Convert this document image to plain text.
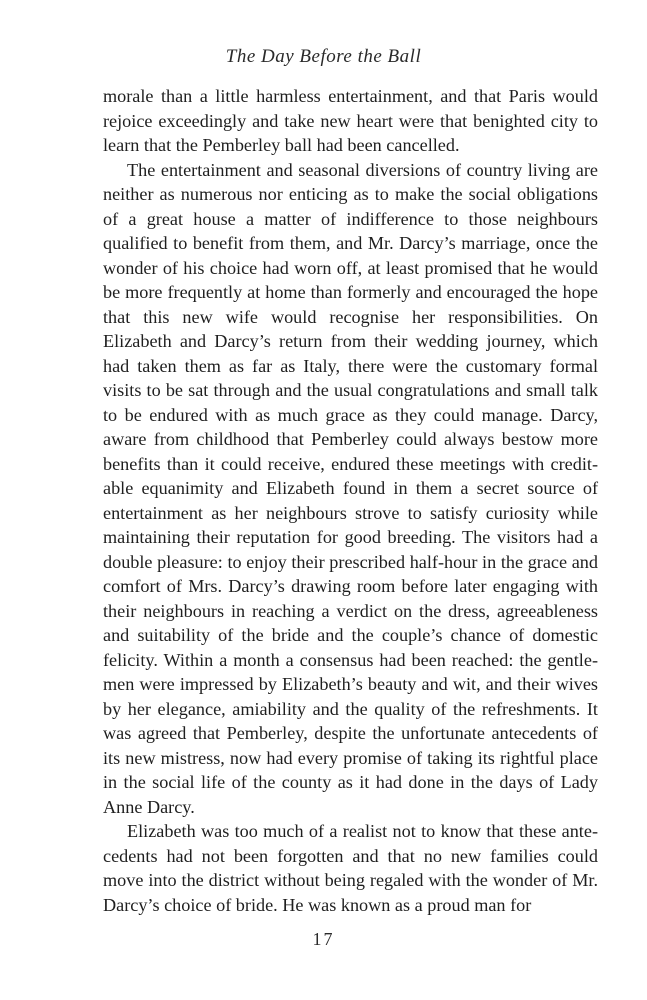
The Day Before the Ball

morale than a little harmless entertainment, and that Paris would rejoice exceedingly and take new heart were that benighted city to learn that the Pemberley ball had been cancelled.

The entertainment and seasonal diversions of country living are neither as numerous nor enticing as to make the social obligations of a great house a matter of indifference to those neighbours qualified to benefit from them, and Mr. Darcy’s marriage, once the wonder of his choice had worn off, at least promised that he would be more frequently at home than formerly and encouraged the hope that this new wife would recognise her responsibilities. On Elizabeth and Darcy’s return from their wedding journey, which had taken them as far as Italy, there were the customary formal visits to be sat through and the usual congratulations and small talk to be endured with as much grace as they could manage. Darcy, aware from childhood that Pemberley could always bestow more benefits than it could receive, endured these meetings with creditable equanimity and Elizabeth found in them a secret source of entertainment as her neighbours strove to satisfy curiosity while maintaining their reputation for good breeding. The visitors had a double pleasure: to enjoy their prescribed half-hour in the grace and comfort of Mrs. Darcy’s drawing room before later engaging with their neighbours in reaching a verdict on the dress, agreeableness and suitability of the bride and the couple’s chance of domestic felicity. Within a month a consensus had been reached: the gentlemen were impressed by Elizabeth’s beauty and wit, and their wives by her elegance, amiability and the quality of the refreshments. It was agreed that Pemberley, despite the unfortunate antecedents of its new mistress, now had every promise of taking its rightful place in the social life of the county as it had done in the days of Lady Anne Darcy.

Elizabeth was too much of a realist not to know that these antecedents had not been forgotten and that no new families could move into the district without being regaled with the wonder of Mr. Darcy’s choice of bride. He was known as a proud man for

17
